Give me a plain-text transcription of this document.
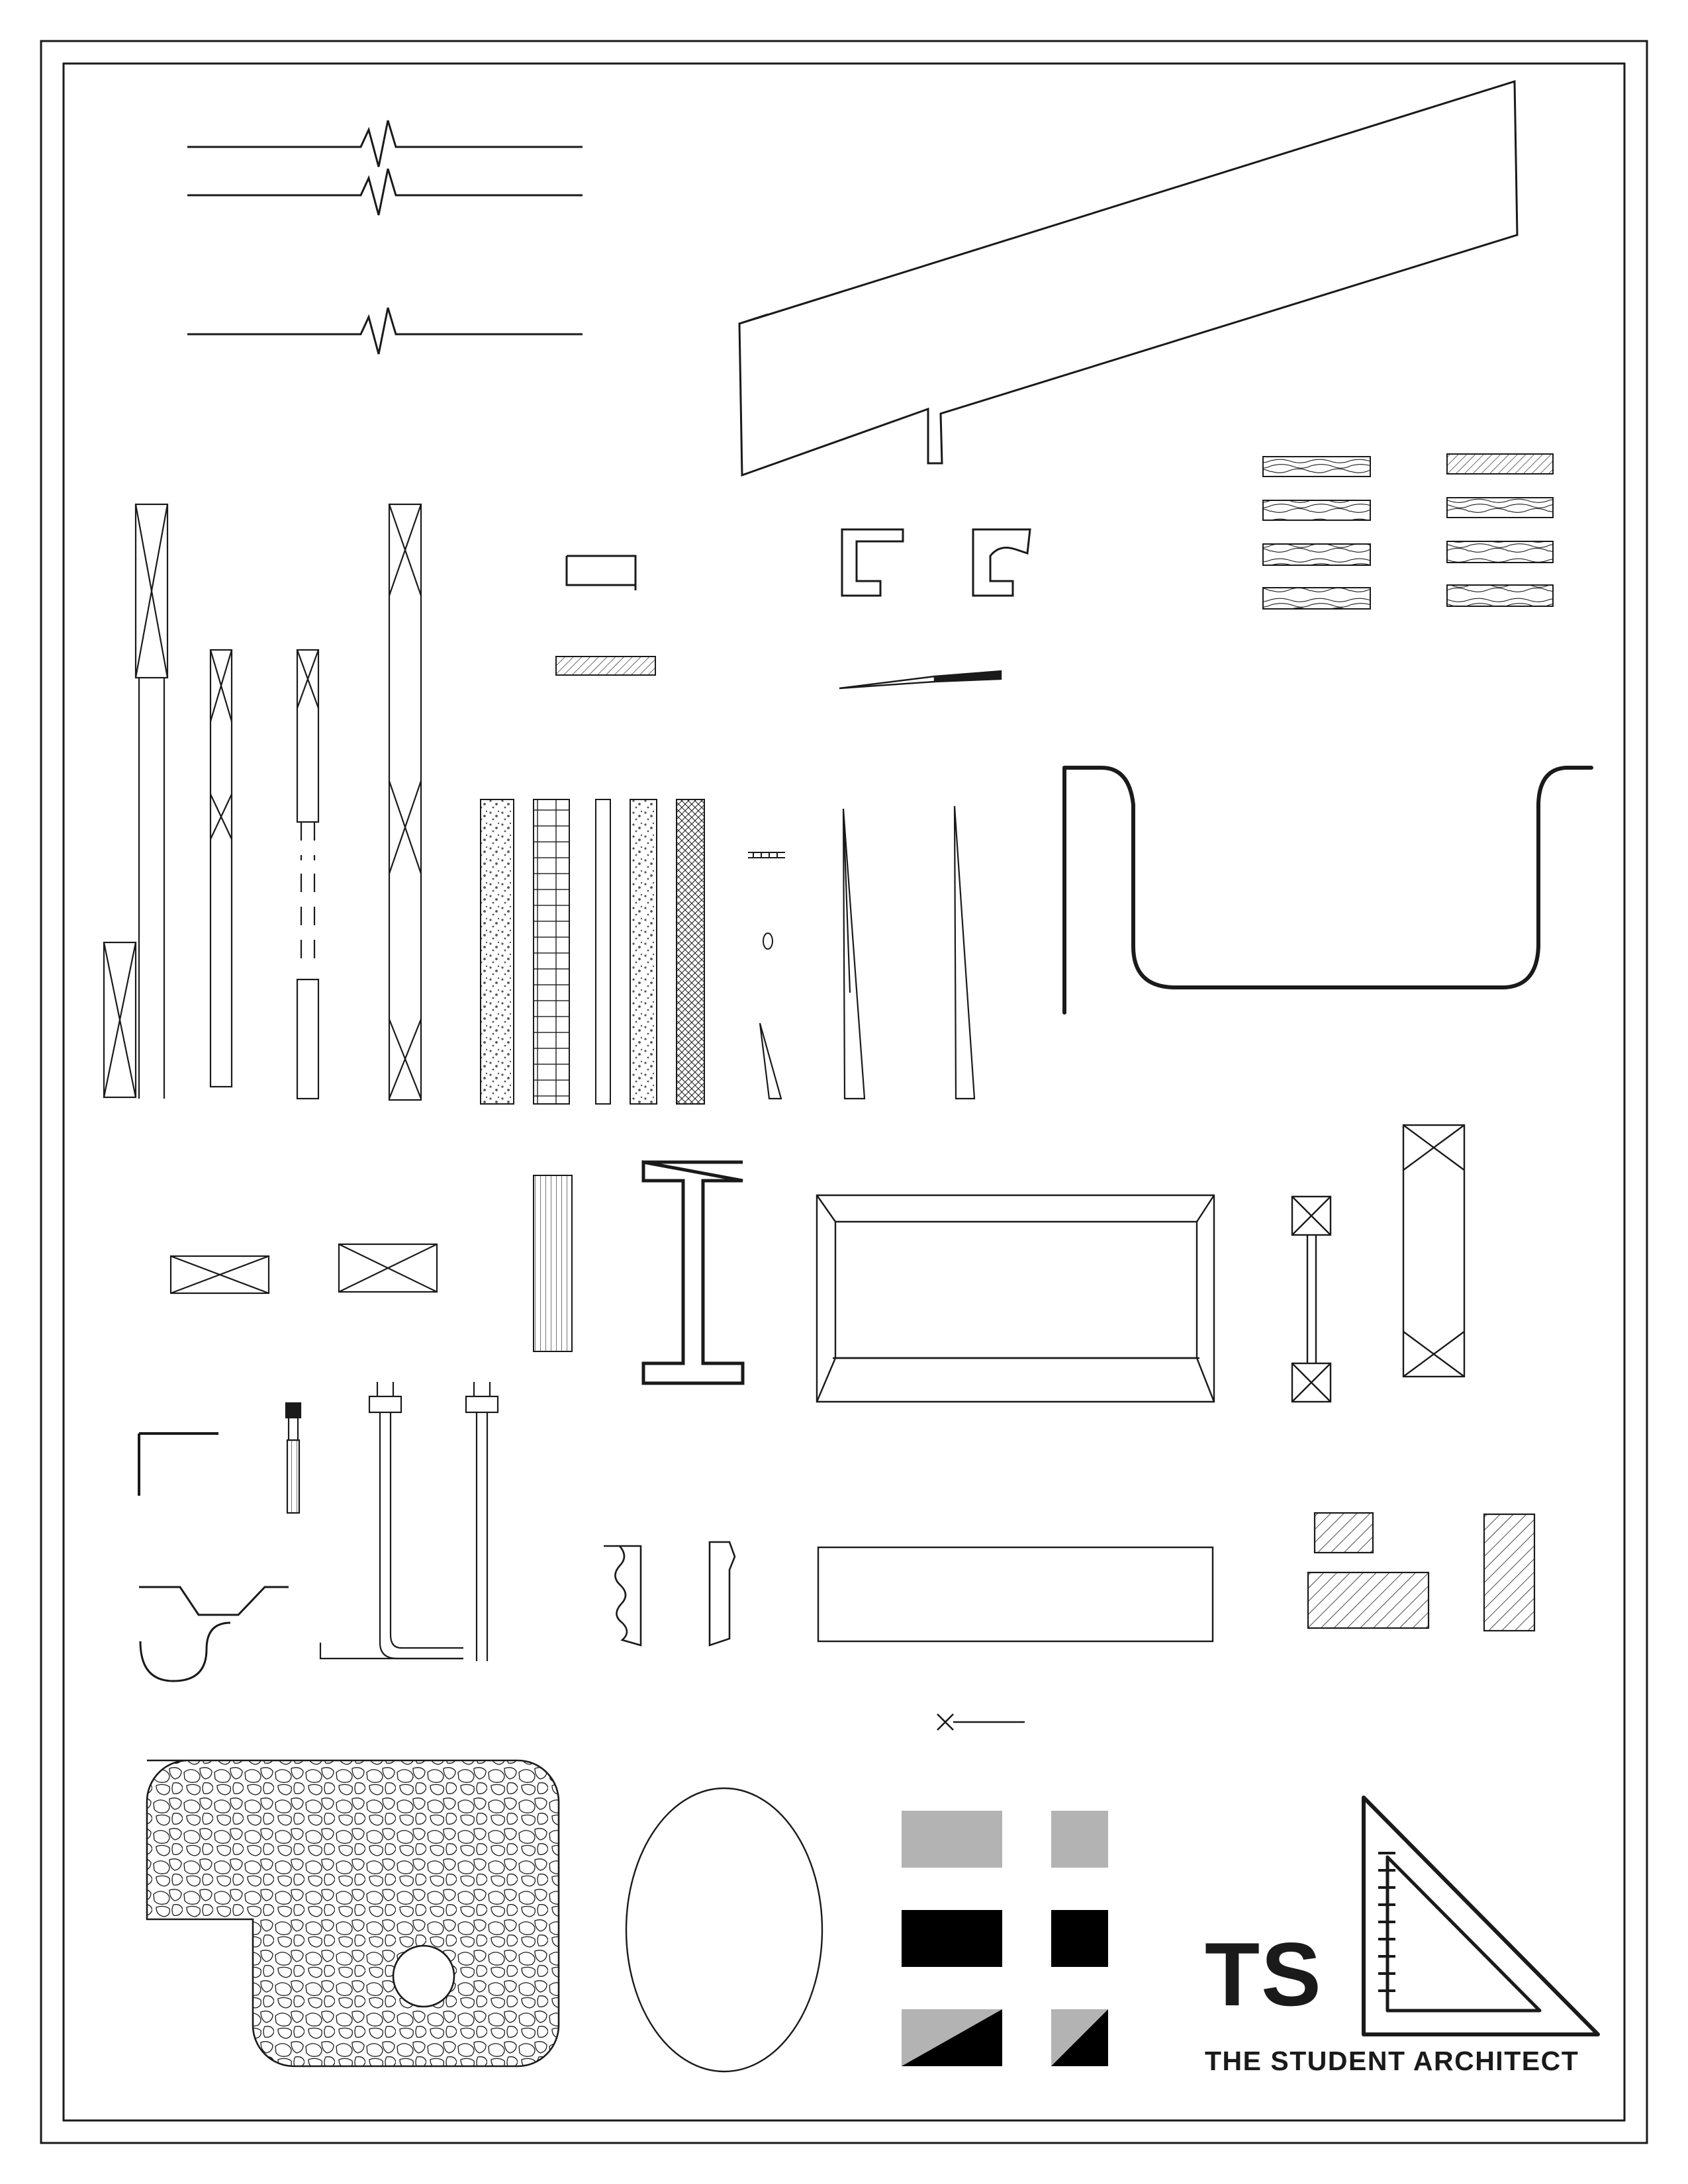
TS
THE STUDENT ARCHITECT
